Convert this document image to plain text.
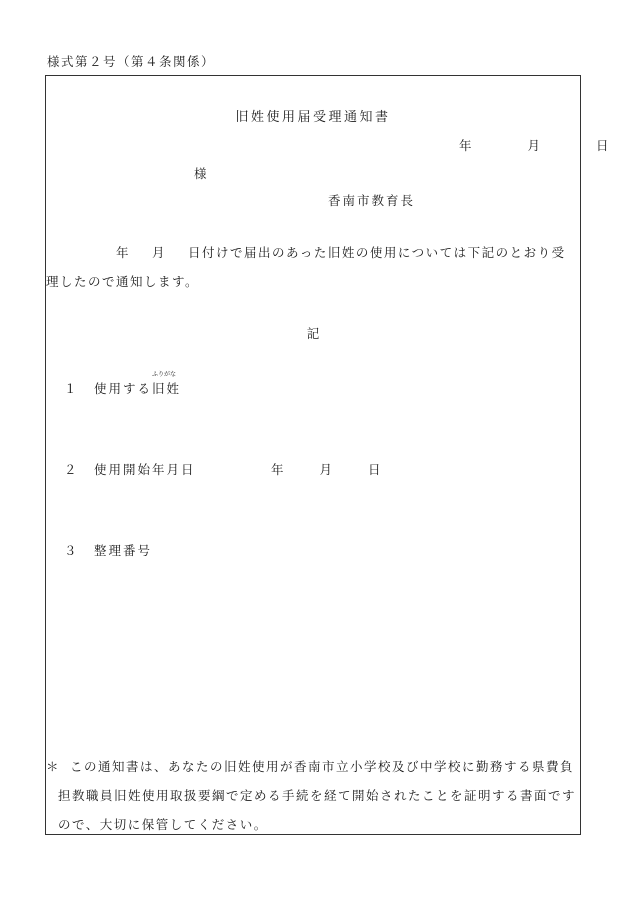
様式第２号（第４条関係）
旧姓使用届受理通知書
年	月	日
様
香南市教育長
年 月 日付けで届出のあった旧姓の使用については下記のとおり受
理したので通知します。
記
１ 使用する
ふりがな
旧姓
２ 使用開始年月日	年	月	日
３ 整理番号
＊ この通知書は、あなたの旧姓使用が香南市立小学校及び中学校に勤務する県費負
担教職員旧姓使用取扱要綱で定める手続を経て開始されたことを証明する書面です
ので、大切に保管してください。
